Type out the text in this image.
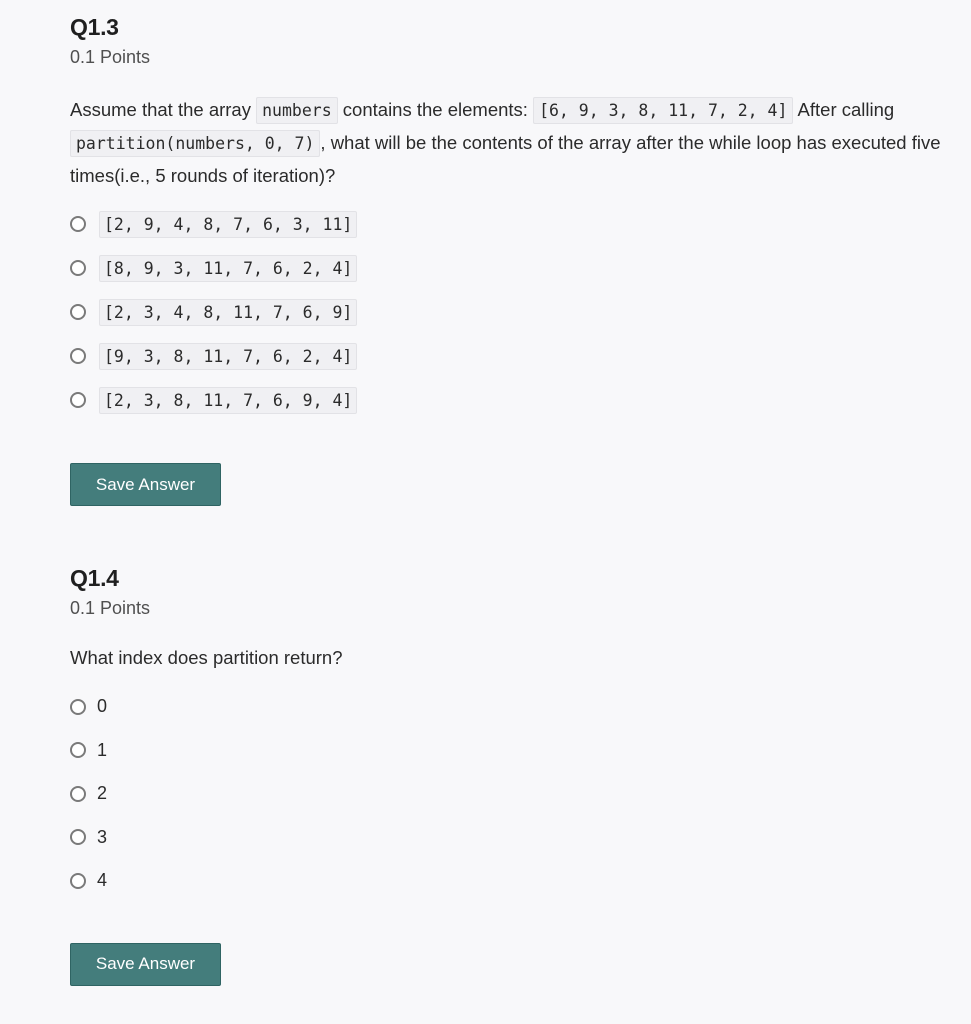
Q1.3
0.1 Points

Assume that the array numbers contains the elements: [6, 9, 3, 8, 11, 7, 2, 4] After calling partition(numbers, 0, 7) , what will be the contents of the array after the while loop has executed five times(i.e., 5 rounds of iteration)?

[2, 9, 4, 8, 7, 6, 3, 11]
[8, 9, 3, 11, 7, 6, 2, 4]
[2, 3, 4, 8, 11, 7, 6, 9]
[9, 3, 8, 11, 7, 6, 2, 4]
[2, 3, 8, 11, 7, 6, 9, 4]
Save Answer
Q1.4
0.1 Points

What index does partition return?

0
1
2
3
4
Save Answer
